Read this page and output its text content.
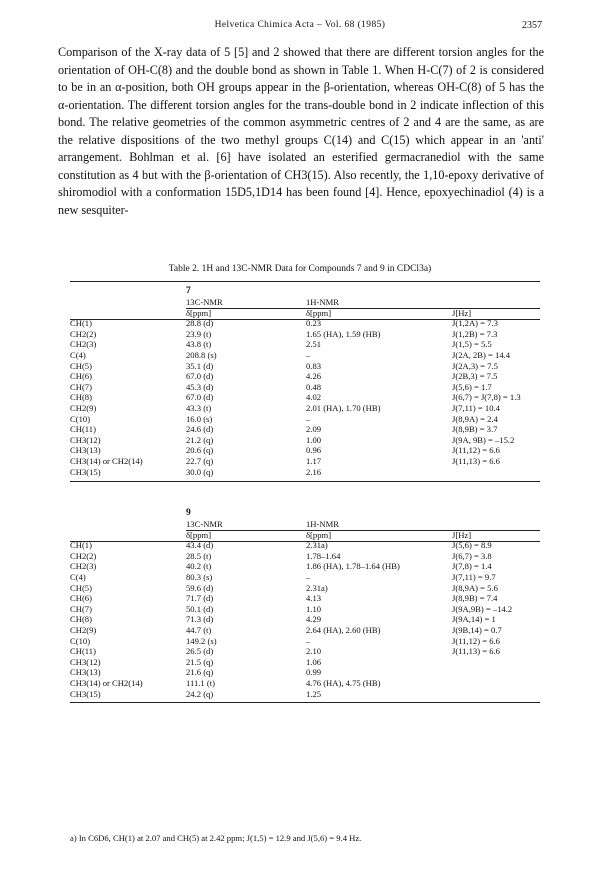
Helvetica Chimica Acta – Vol. 68 (1985)	2357

Comparison of the X-ray data of 5 [5] and 2 showed that there are different torsion angles for the orientation of OH-C(8) and the double bond as shown in Table 1. When H-C(7) of 2 is considered to be in an α-position, both OH groups appear in the β-orientation, whereas OH-C(8) of 5 has the α-orientation. The different torsion angles for the trans-double bond in 2 indicate inflection of this bond. The relative geometries of the common asymmetric centres of 2 and 4 are the same, as are the relative dispositions of the two methyl groups C(14) and C(15) which appear in an 'anti' arrangement. Bohlman et al. [6] have isolated an esterified germacranediol with the same constitution as 4 but with the β-orientation of CH3(15). Also recently, the 1,10-epoxy derivative of shiromodiol with a conformation 15D5,1D14 has been found [4]. Hence, epoxyechinadiol (4) is a new sesquiter-

Table 2. 1H and 13C-NMR Data for Compounds 7 and 9 in CDCl3a)
	7		
	13C-NMR	1H-NMR	
	δ[ppm]	δ[ppm]	J[Hz]
CH(1)	28.8 (d)	0.23	J(1,2A) = 7.3
CH2(2)	23.9 (t)	1.65 (HA), 1.59 (HB)	J(1,2B) = 7.3
CH2(3)	43.8 (t)	2.51	J(1,5) = 5.5
C(4)	208.8 (s)	–	J(2A, 2B) = 14.4
CH(5)	35.1 (d)	0.83	J(2A,3) = 7.5
CH(6)	67.0 (d)	4.26	J(2B,3) = 7.5
CH(7)	45.3 (d)	0.48	J(5,6) = 1.7
CH(8)	67.0 (d)	4.02	J(6,7) = J(7,8) = 1.3
CH2(9)	43.3 (t)	2.01 (HA), 1.70 (HB)	J(7,11) = 10.4
C(10)	16.0 (s)	–	J(8,9A) = 2.4
CH(11)	24.6 (d)	2.09	J(8,9B) = 3.7
CH3(12)	21.2 (q)	1.00	J(9A, 9B) = –15.2
CH3(13)	20.6 (q)	0.96	J(11,12) = 6.6
CH3(14) or CH2(14)	22.7 (q)	1.17	J(11,13) = 6.6
CH3(15)	30.0 (q)	2.16	
	9		
	13C-NMR	1H-NMR	
	δ[ppm]	δ[ppm]	J[Hz]
CH(1)	43.4 (d)	2.31a)	J(5,6) = 8.9
CH2(2)	28.5 (t)	1.78–1.64	J(6,7) = 3.8
CH2(3)	40.2 (t)	1.86 (HA), 1.78–1.64 (HB)	J(7,8) = 1.4
C(4)	80.3 (s)	–	J(7,11) = 9.7
CH(5)	59.6 (d)	2.31a)	J(8,9A) = 5.6
CH(6)	71.7 (d)	4.13	J(8,9B) = 7.4
CH(7)	50.1 (d)	1.10	J(9A,9B) = –14.2
CH(8)	71.3 (d)	4.29	J(9A,14) = 1
CH2(9)	44.7 (t)	2.64 (HA), 2.60 (HB)	J(9B,14) = 0.7
C(10)	149.2 (s)	–	J(11,12) = 6.6
CH(11)	26.5 (d)	2.10	J(11,13) = 6.6
CH3(12)	21.5 (q)	1.06	
CH3(13)	21.6 (q)	0.99	
CH3(14) or CH2(14)	111.1 (t)	4.76 (HA), 4.75 (HB)	
CH3(15)	24.2 (q)	1.25	
a) In C6D6, CH(1) at 2.07 and CH(5) at 2.42 ppm; J(1,5) = 12.9 and J(5,6) = 9.4 Hz.
